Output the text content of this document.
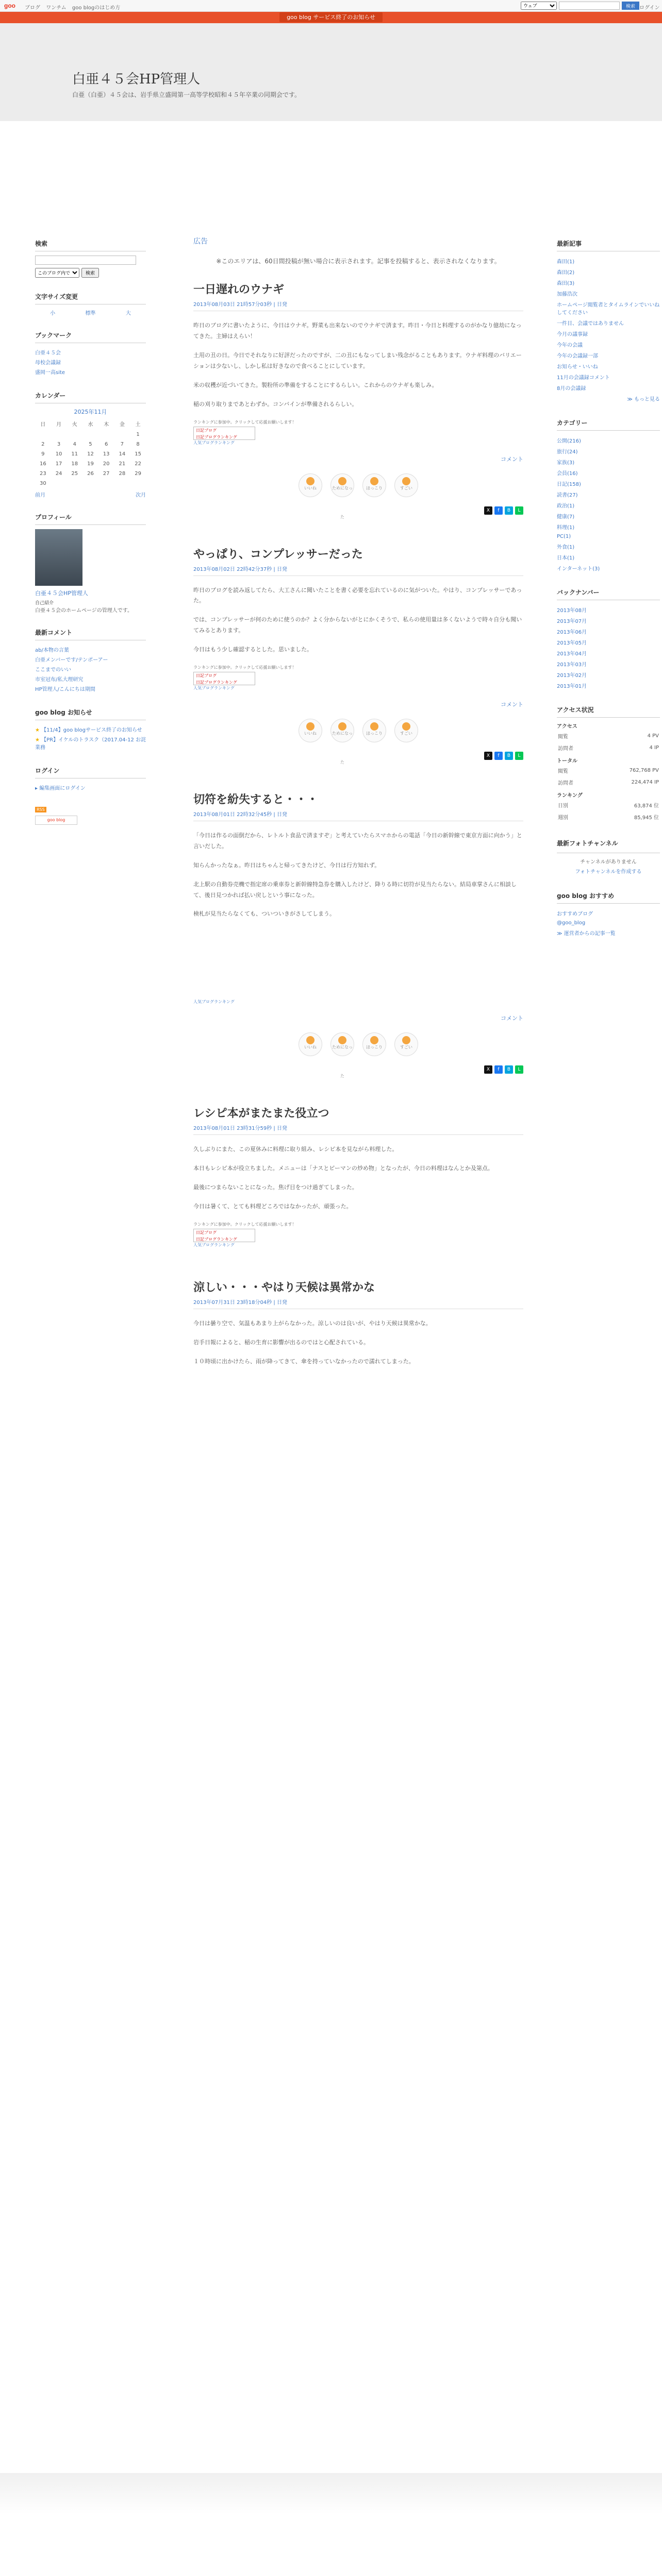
goo ブログ ワンチム goo blogのはじめ方
ウェブ	検索 ログイン
goo blog サービス終了のお知らせ
白亜４５会HP管理人
白亜（白亜）４５会は、岩手県立盛岡第一高等学校昭和４５年卒業の同期会です。
検索
このブログ内で
検索
文字サイズ変更
小	標準	大
ブックマーク
白亜４５会
母校会議録
盛岡一高site
カレンダー
2025年11月
日	月	火	水	木	金	土
						1
2	3	4	5	6	7	8
9	10	11	12	13	14	15
16	17	18	19	20	21	22
23	24	25	26	27	28	29
30						
前月	次月
プロフィール
白亜４５会HP管理人
自己紹介
白亜４５会のホームページの管理人です。
最新コメント
ab/本物の言葉
白亜メンバーです/テンポーアー
ここまでのいい
市室冠布/私大理研究
HP管理人/こんにちは期間
goo blog お知らせ
★ 【11/4】goo blogサービス終了のお知らせ
★ 【PR】イケルのトラスク（2017.04-12 お詫業務
ログイン
▸ 編集画面にログイン
RSS
goo blog
広告
※このエリアは、60日間投稿が無い場合に表示されます。記事を投稿すると、表示されなくなります。
一日遅れのウナギ
2013年08月03日 21時57分03秒 | 日発

昨日のブログに書いたように、今日はウナギ。野菜も出来ないのでウナギで済ます。昨日・今日と料理するのがかなり億劫になってきた。主婦はえらい！

土用の丑の日。今日でそれなりに好評だったのですが、二の丑にもなってしまい残念がることもあります。ウナギ料理のバリエーションは少ないし、しかし私は好きなので食べることにしています。

米の収穫が近づいてきた。製粉所の準備をすることにするらしい。これからのウナギも楽しみ。

稲の刈り取りまであとわずか。コンバインが準備されるらしい。

ランキングに参加中。クリックして応援お願いします！
日記ブログ
日記ブログランキング
人気ブログランキング
コメント
いいね	ためになった
ほっこり	すごい
X	f	B	L
やっぱり、コンプレッサーだった
2013年08月02日 22時42分37秒 | 日発

昨日のブログを読み返してたら、大工さんに聞いたことを書く必要を忘れているのに気がついた。やはり、コンプレッサーであった。

では、コンプレッサーが何のために使うのか？よく分からないがとにかくそうで、私らの使用量は多くないようで時々自分も聞いてみるとあります。

今日はもう少し確認するとした。思いました。

ランキングに参加中。クリックして応援お願いします！
日記ブログ
日記ブログランキング
人気ブログランキング
コメント
いいね	ためになった
ほっこり	すごい
X	f	B	L
切符を紛失すると・・・
2013年08月01日 22時32分45秒 | 日発

「今日は作るの面倒だから、レトルト食品で済ますぞ」と考えていたらスマホからの電話「今日の新幹線で東京方面に向かう」と言いだした。

知らんかったなぁ。昨日はちゃんと帰ってきたけど、今日は行方知れず。

北上駅の自動券売機で指定席の乗車券と新幹線特急券を購入したけど、降りる時に切符が見当たらない。結局車掌さんに相談して、後日見つかれば払い戻しという事になった。

検札が見当たらなくても、ついついきがさしてしまう。

人気ブログランキング
コメント
いいね	ためになった
ほっこり	すごい
X	f	B	L
レシピ本がまたまた役立つ
2013年08月01日 23時31分59秒 | 日発

久しぶりにまた、この夏休みに料理に取り組み、レシピ本を見ながら料理した。

本日もレシピ本が役立ちました。メニューは「ナスとピーマンの炒め物」となったが、今日の料理はなんとか及第点。

最後につまらないことになった。焦げ目をつけ過ぎてしまった。

今日は暑くて、とても料理どころではなかったが、頑張った。

ランキングに参加中。クリックして応援お願いします！
日記ブログ
日記ブログランキング
人気ブログランキング
涼しい・・・やはり天候は異常かな
2013年07月31日 23時18分04秒 | 日発

今日は曇り空で、気温もあまり上がらなかった。涼しいのは良いが、やはり天候は異常かな。

岩手日報によると、稲の生育に影響が出るのではと心配されている。

１０時頃に出かけたら、雨が降ってきて、傘を持っていなかったので濡れてしまった。

最新記事
森田(1)
森田(2)
森田(3)
加藤浩次
ホームページ閲覧者とタイムラインでいいねしてください
一件目、会議ではありません
今月の議事録
今年の会議
今年の会議録一部
お知らせ・いいね
11月の会議録コメント
8月の会議録
≫ もっと見る
カテゴリー
公開(216)
旅行(24)
家族(3)
会員(16)
日記(158)
読書(27)
政治(1)
健康(7)
料理(1)
PC(1)
外食(1)
日本(1)
インターネット(3)
バックナンバー
2013年08月
2013年07月
2013年06月
2013年05月
2013年04月
2013年03月
2013年02月
2013年01月
アクセス状況
アクセス
閲覧	4 PV
訪問者	4 IP
トータル
閲覧	762,768 PV
訪問者	224,474 IP
ランキング
日別	63,874 位
週別	85,945 位
最新フォトチャンネル
チャンネルがありません
フォトチャンネルを作成する
goo blog おすすめ
おすすめブログ
@goo_blog
≫ 運営者からの記事一覧
